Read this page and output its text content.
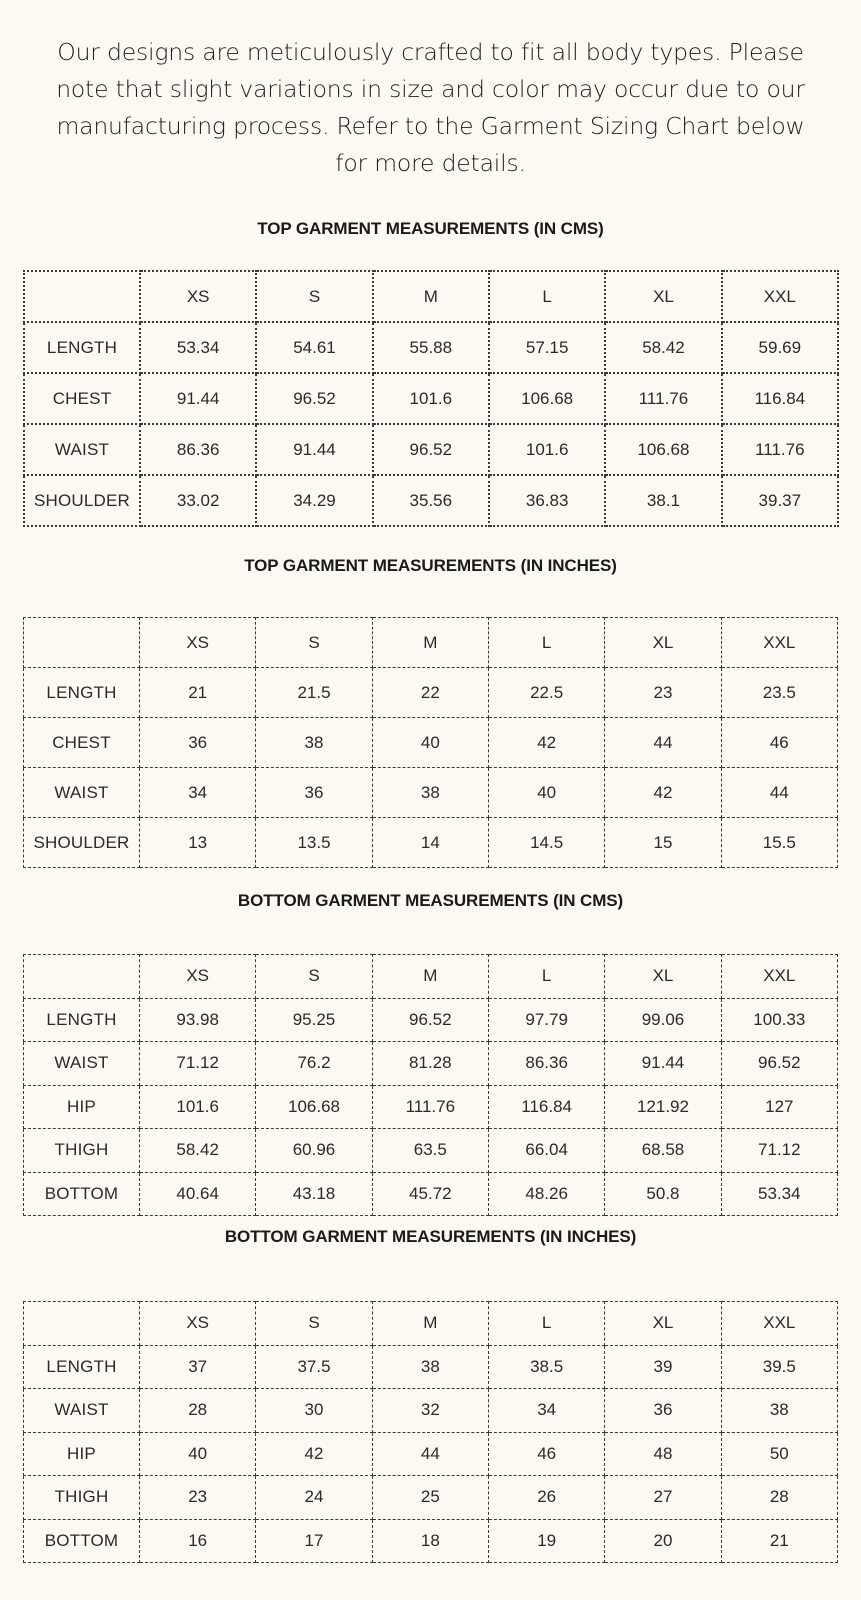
Our designs are meticulously crafted to fit all body types. Please note that slight variations in size and color may occur due to our manufacturing process. Refer to the Garment Sizing Chart below for more details.

TOP GARMENT MEASUREMENTS (IN CMS)
	XS	S	M	L	XL	XXL
LENGTH	53.34	54.61	55.88	57.15	58.42	59.69
CHEST	91.44	96.52	101.6	106.68	111.76	116.84
WAIST	86.36	91.44	96.52	101.6	106.68	111.76
SHOULDER	33.02	34.29	35.56	36.83	38.1	39.37
TOP GARMENT MEASUREMENTS (IN INCHES)
	XS	S	M	L	XL	XXL
LENGTH	21	21.5	22	22.5	23	23.5
CHEST	36	38	40	42	44	46
WAIST	34	36	38	40	42	44
SHOULDER	13	13.5	14	14.5	15	15.5
BOTTOM GARMENT MEASUREMENTS (IN CMS)
	XS	S	M	L	XL	XXL
LENGTH	93.98	95.25	96.52	97.79	99.06	100.33
WAIST	71.12	76.2	81.28	86.36	91.44	96.52
HIP	101.6	106.68	111.76	116.84	121.92	127
THIGH	58.42	60.96	63.5	66.04	68.58	71.12
BOTTOM	40.64	43.18	45.72	48.26	50.8	53.34
BOTTOM GARMENT MEASUREMENTS (IN INCHES)
	XS	S	M	L	XL	XXL
LENGTH	37	37.5	38	38.5	39	39.5
WAIST	28	30	32	34	36	38
HIP	40	42	44	46	48	50
THIGH	23	24	25	26	27	28
BOTTOM	16	17	18	19	20	21
